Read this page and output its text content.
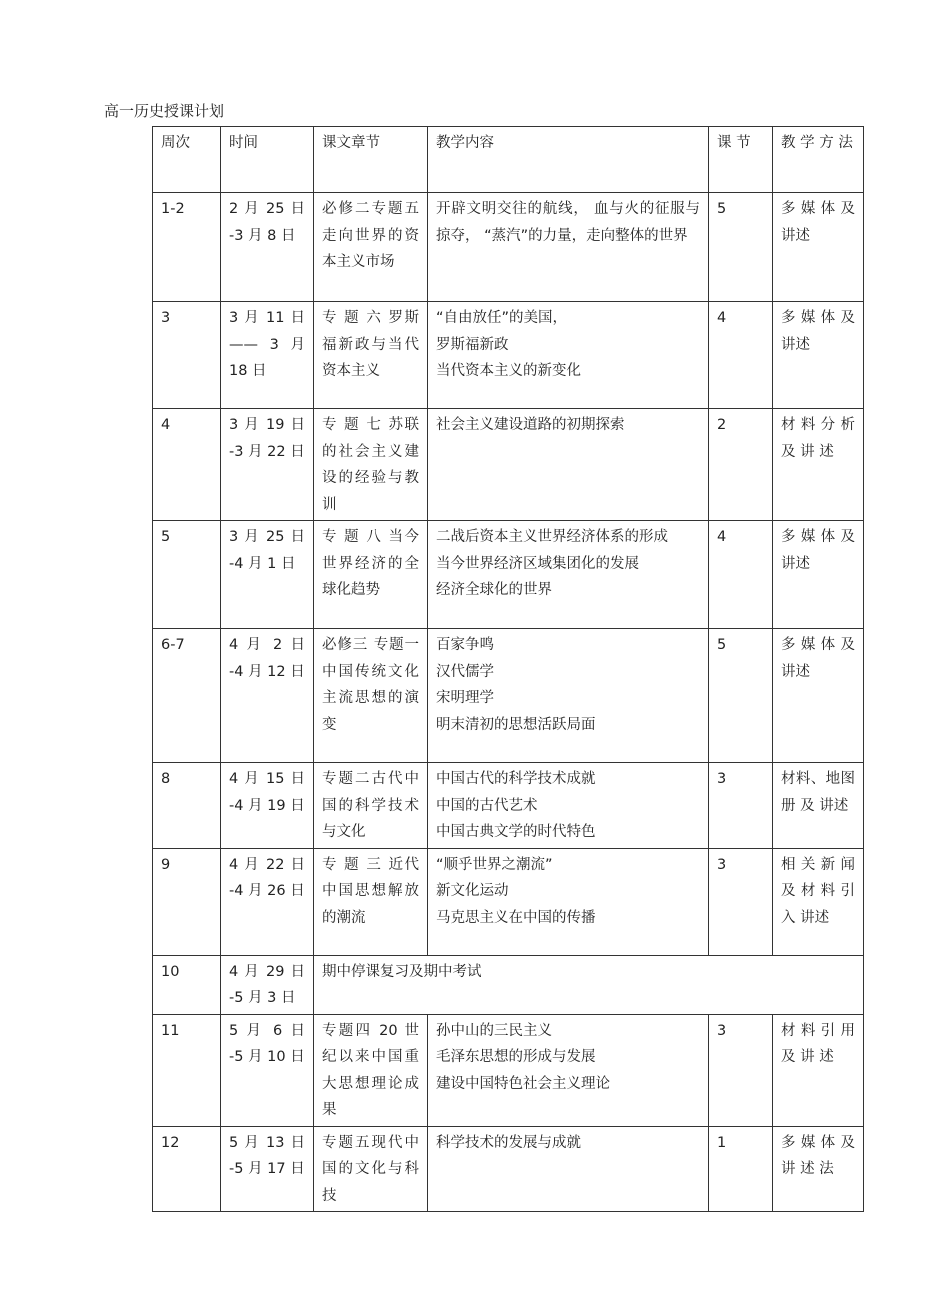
高一历史授课计划
周次	时间	课文章节	教学内容	课 节	教 学 方 法
1-2	2 月 25 日 -3 月 8 日	必修二专题五走向世界的资本主义市场	开辟文明交往的航线， 血与火的征服与掠夺， “蒸汽”的力量，走向整体的世界	5	多 媒 体 及讲述
3	3 月 11 日 —— 3 月 18 日	专 题 六 罗斯福新政与当代资本主义	“自由放任”的美国，
罗斯福新政
当代资本主义的新变化	4	多 媒 体 及讲述
4	3 月 19 日 -3 月 22 日	专 题 七 苏联的社会主义建设的经验与教训	社会主义建设道路的初期探索	2	材 料 分 析 及 讲 述
5	3 月 25 日 -4 月 1 日	专 题 八 当今世界经济的全球化趋势	二战后资本主义世界经济体系的形成
当今世界经济区域集团化的发展
经济全球化的世界	4	多 媒 体 及讲述
6-7	4 月 2 日 -4 月 12 日	必修三 专题一中国传统文化主流思想的演变	百家争鸣
汉代儒学
宋明理学
明末清初的思想活跃局面	5	多 媒 体 及讲述
8	4 月 15 日 -4 月 19 日	专题二古代中国的科学技术与文化	中国古代的科学技术成就
中国的古代艺术
中国古典文学的时代特色	3	材料、地图 册 及 讲述
9	4 月 22 日 -4 月 26 日	专 题 三 近代中国思想解放的潮流	“顺乎世界之潮流”
新文化运动
马克思主义在中国的传播	3	相 关 新 闻 及 材 料 引 入 讲述
10	4 月 29 日 -5 月 3 日	期中停课复习及期中考试			
11	5 月 6 日 -5 月 10 日	专题四 20 世纪以来中国重大思想理论成果	孙中山的三民主义
毛泽东思想的形成与发展
建设中国特色社会主义理论	3	材 料 引 用 及 讲 述
12	5 月 13 日 -5 月 17 日	专题五现代中国的文化与科技	科学技术的发展与成就	1	多 媒 体 及 讲 述 法
